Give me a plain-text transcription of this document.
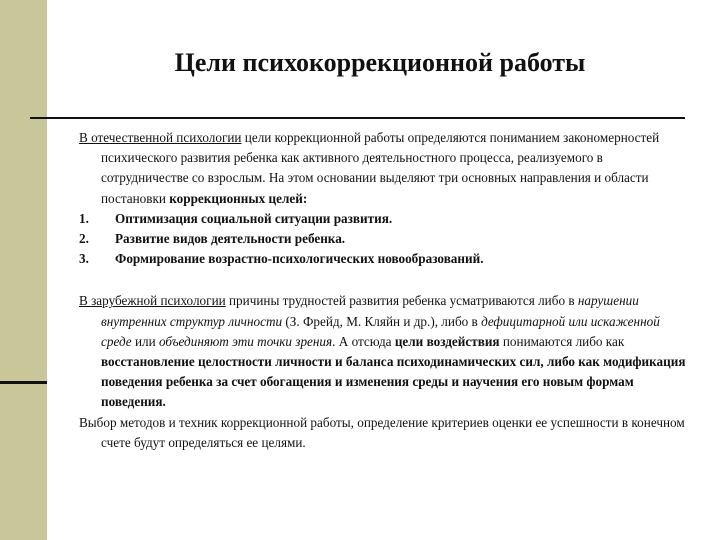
Цели психокоррекционной работы

В отечественной психологии цели коррекционной работы определяются пониманием закономерностей психического развития ребенка как активного деятельностного процесса, реализуемого в сотрудничестве со взрослым. На этом основании выделяют три основных направления и области постановки коррекционных целей:

1. Оптимизация социальной ситуации развития.
2. Развитие видов деятельности ребенка.
3. Формирование возрастно-психологических новообразований.

В зарубежной психологии причины трудностей развития ребенка усматриваются либо в нарушении внутренних структур личности (З. Фрейд, М. Кляйн и др.), либо в дефицитарной или искаженной среде или объединяют эти точки зрения. А отсюда цели воздействия понимаются либо как восстановление целостности личности и баланса психодинамических сил, либо как модификация поведения ребенка за счет обогащения и изменения среды и научения его новым формам поведения.

Выбор методов и техник коррекционной работы, определение критериев оценки ее успешности в конечном счете будут определяться ее целями.
